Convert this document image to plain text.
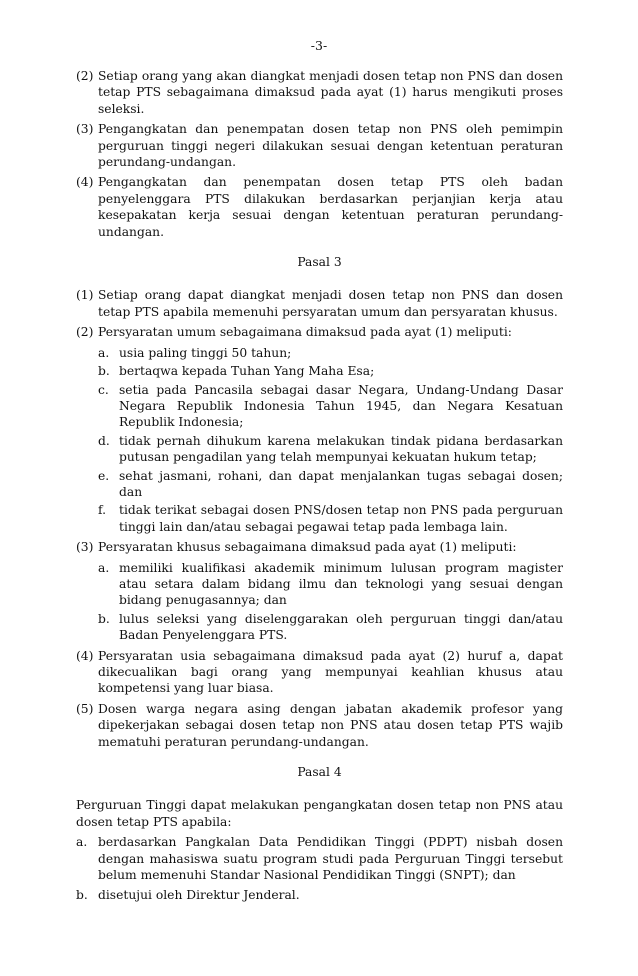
-3-
(2) Setiap orang yang akan diangkat menjadi dosen tetap non PNS dan dosen tetap PTS sebagaimana dimaksud pada ayat (1) harus mengikuti proses seleksi.
(3) Pengangkatan dan penempatan dosen tetap non PNS oleh pemimpin perguruan tinggi negeri dilakukan sesuai dengan ketentuan peraturan perundang-undangan.
(4) Pengangkatan dan penempatan dosen tetap PTS oleh badan penyelenggara PTS dilakukan berdasarkan perjanjian kerja atau kesepakatan kerja sesuai dengan ketentuan peraturan perundang-undangan.
Pasal 3
(1) Setiap orang dapat diangkat menjadi dosen tetap non PNS dan dosen tetap PTS apabila memenuhi persyaratan umum dan persyaratan khusus.
(2) Persyaratan umum sebagaimana dimaksud pada ayat (1) meliputi:
a. usia paling tinggi 50 tahun;
b. bertaqwa kepada Tuhan Yang Maha Esa;
c. setia pada Pancasila sebagai dasar Negara, Undang-Undang Dasar Negara Republik Indonesia Tahun 1945, dan Negara Kesatuan Republik Indonesia;
d. tidak pernah dihukum karena melakukan tindak pidana berdasarkan putusan pengadilan yang telah mempunyai kekuatan hukum tetap;
e. sehat jasmani, rohani, dan dapat menjalankan tugas sebagai dosen; dan
f. tidak terikat sebagai dosen PNS/dosen tetap non PNS pada perguruan tinggi lain dan/atau sebagai pegawai tetap pada lembaga lain.
(3) Persyaratan khusus sebagaimana dimaksud pada ayat (1) meliputi:
a. memiliki kualifikasi akademik minimum lulusan program magister atau setara dalam bidang ilmu dan teknologi yang sesuai dengan bidang penugasannya; dan
b. lulus seleksi yang diselenggarakan oleh perguruan tinggi dan/atau Badan Penyelenggara PTS.
(4) Persyaratan usia sebagaimana dimaksud pada ayat (2) huruf a, dapat dikecualikan bagi orang yang mempunyai keahlian khusus atau kompetensi yang luar biasa.
(5) Dosen warga negara asing dengan jabatan akademik profesor yang dipekerjakan sebagai dosen tetap non PNS atau dosen tetap PTS wajib mematuhi peraturan perundang-undangan.
Pasal 4
Perguruan Tinggi dapat melakukan pengangkatan dosen tetap non PNS atau dosen tetap PTS apabila:
a. berdasarkan Pangkalan Data Pendidikan Tinggi (PDPT) nisbah dosen dengan mahasiswa suatu program studi pada Perguruan Tinggi tersebut belum memenuhi Standar Nasional Pendidikan Tinggi (SNPT); dan
b. disetujui oleh Direktur Jenderal.
